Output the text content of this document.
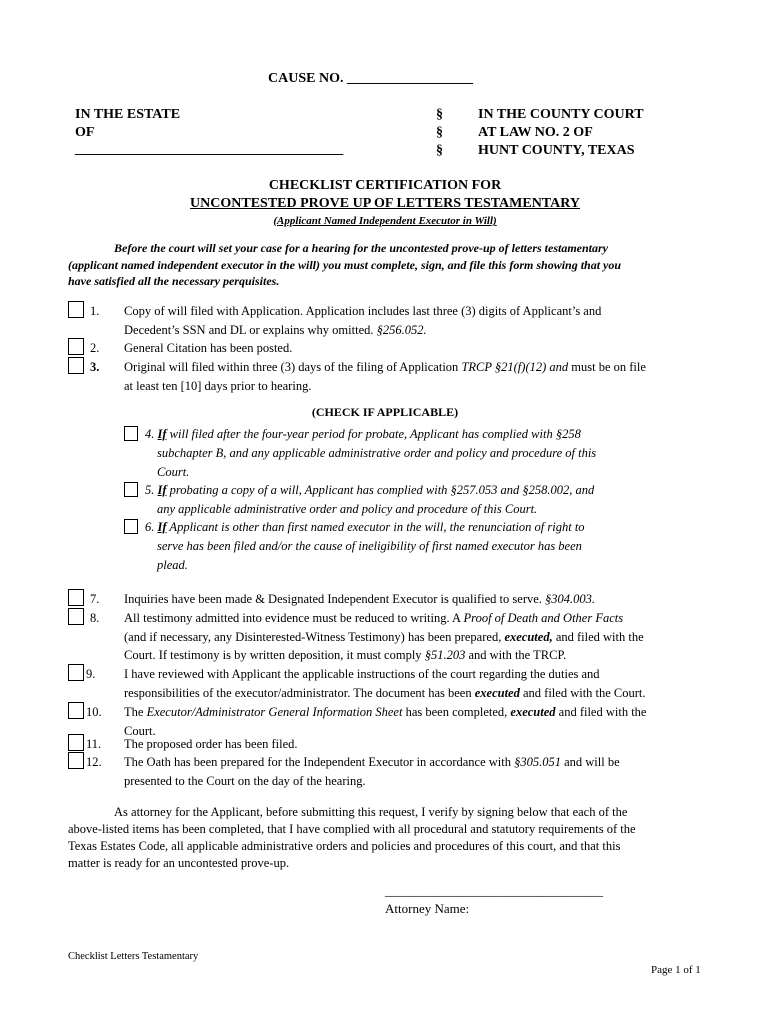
CAUSE NO. __________________
IN THE ESTATE
OF
________________________________________
§
§
§
IN THE COUNTY COURT
AT LAW NO. 2 OF
HUNT COUNTY, TEXAS
CHECKLIST CERTIFICATION FOR
UNCONTESTED PROVE UP OF LETTERS TESTAMENTARY
(Applicant Named Independent Executor in Will)
Before the court will set your case for a hearing for the uncontested prove-up of letters testamentary
(applicant named independent executor in the will) you must complete, sign, and file this form showing that you
have satisfied all the necessary perquisites.
1. Copy of will filed with Application. Application includes last three (3) digits of Applicant’s and
Decedent’s SSN and DL or explains why omitted. §256.052.
2. General Citation has been posted.
3. Original will filed within three (3) days of the filing of Application TRCP §21(f)(12) and must be on file
at least ten [10] days prior to hearing.
(CHECK IF APPLICABLE)
4. If will filed after the four-year period for probate, Applicant has complied with §258
subchapter B, and any applicable administrative order and policy and procedure of this
Court.
5. If probating a copy of a will, Applicant has complied with §257.053 and §258.002, and
any applicable administrative order and policy and procedure of this Court.
6. If Applicant is other than first named executor in the will, the renunciation of right to
serve has been filed and/or the cause of ineligibility of first named executor has been
plead.
7. Inquiries have been made & Designated Independent Executor is qualified to serve. §304.003.
8. All testimony admitted into evidence must be reduced to writing. A Proof of Death and Other Facts
(and if necessary, any Disinterested-Witness Testimony) has been prepared, executed, and filed with the
Court. If testimony is by written deposition, it must comply §51.203 and with the TRCP.
9. I have reviewed with Applicant the applicable instructions of the court regarding the duties and
responsibilities of the executor/administrator. The document has been executed and filed with the Court.
10. The Executor/Administrator General Information Sheet has been completed, executed and filed with the
Court.
11. The proposed order has been filed.
12. The Oath has been prepared for the Independent Executor in accordance with §305.051 and will be
presented to the Court on the day of the hearing.
As attorney for the Applicant, before submitting this request, I verify by signing below that each of the
above-listed items has been completed, that I have complied with all procedural and statutory requirements of the
Texas Estates Code, all applicable administrative orders and policies and procedures of this court, and that this
matter is ready for an uncontested prove-up.
____________________________________
Attorney Name:
Checklist Letters Testamentary
Page 1 of 1
